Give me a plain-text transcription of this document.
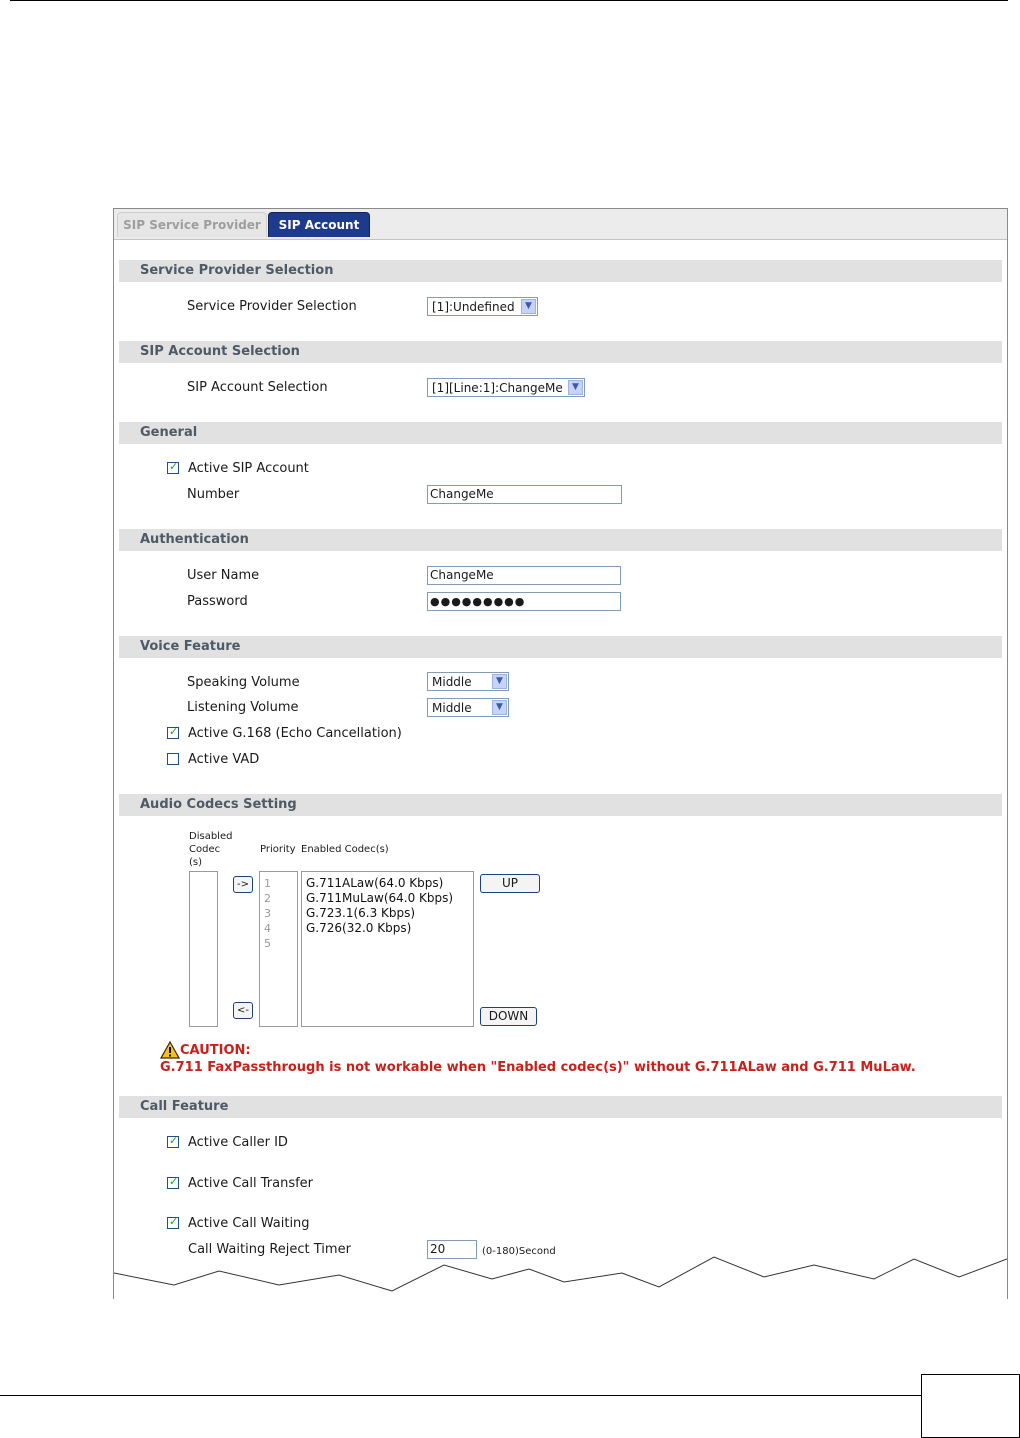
SIP Service Provider	SIP Account
Service Provider Selection
Service Provider Selection	[1]:Undefined	▼
SIP Account Selection
SIP Account Selection	[1][Line:1]:ChangeMe	▼
General
✓ Active SIP Account
Number	ChangeMe
Authentication
User Name	ChangeMe
Password	●●●●●●●●●
Voice Feature
Speaking Volume	Middle	▼
Listening Volume	Middle	▼
✓ Active G.168 (Echo Cancellation)
Active VAD
Audio Codecs Setting
Disabled
Codec
(s)
Priority Enabled Codec(s)
->
<-
1
2
3
4
5
G.711ALaw(64.0 Kbps)
G.711MuLaw(64.0 Kbps)
G.723.1(6.3 Kbps)
G.726(32.0 Kbps)
UP
DOWN
CAUTION:
G.711 FaxPassthrough is not workable when "Enabled codec(s)" without G.711ALaw and G.711 MuLaw.
Call Feature
✓ Active Caller ID
✓ Active Call Transfer
✓ Active Call Waiting
Call Waiting Reject Timer	20	(0-180)Second
